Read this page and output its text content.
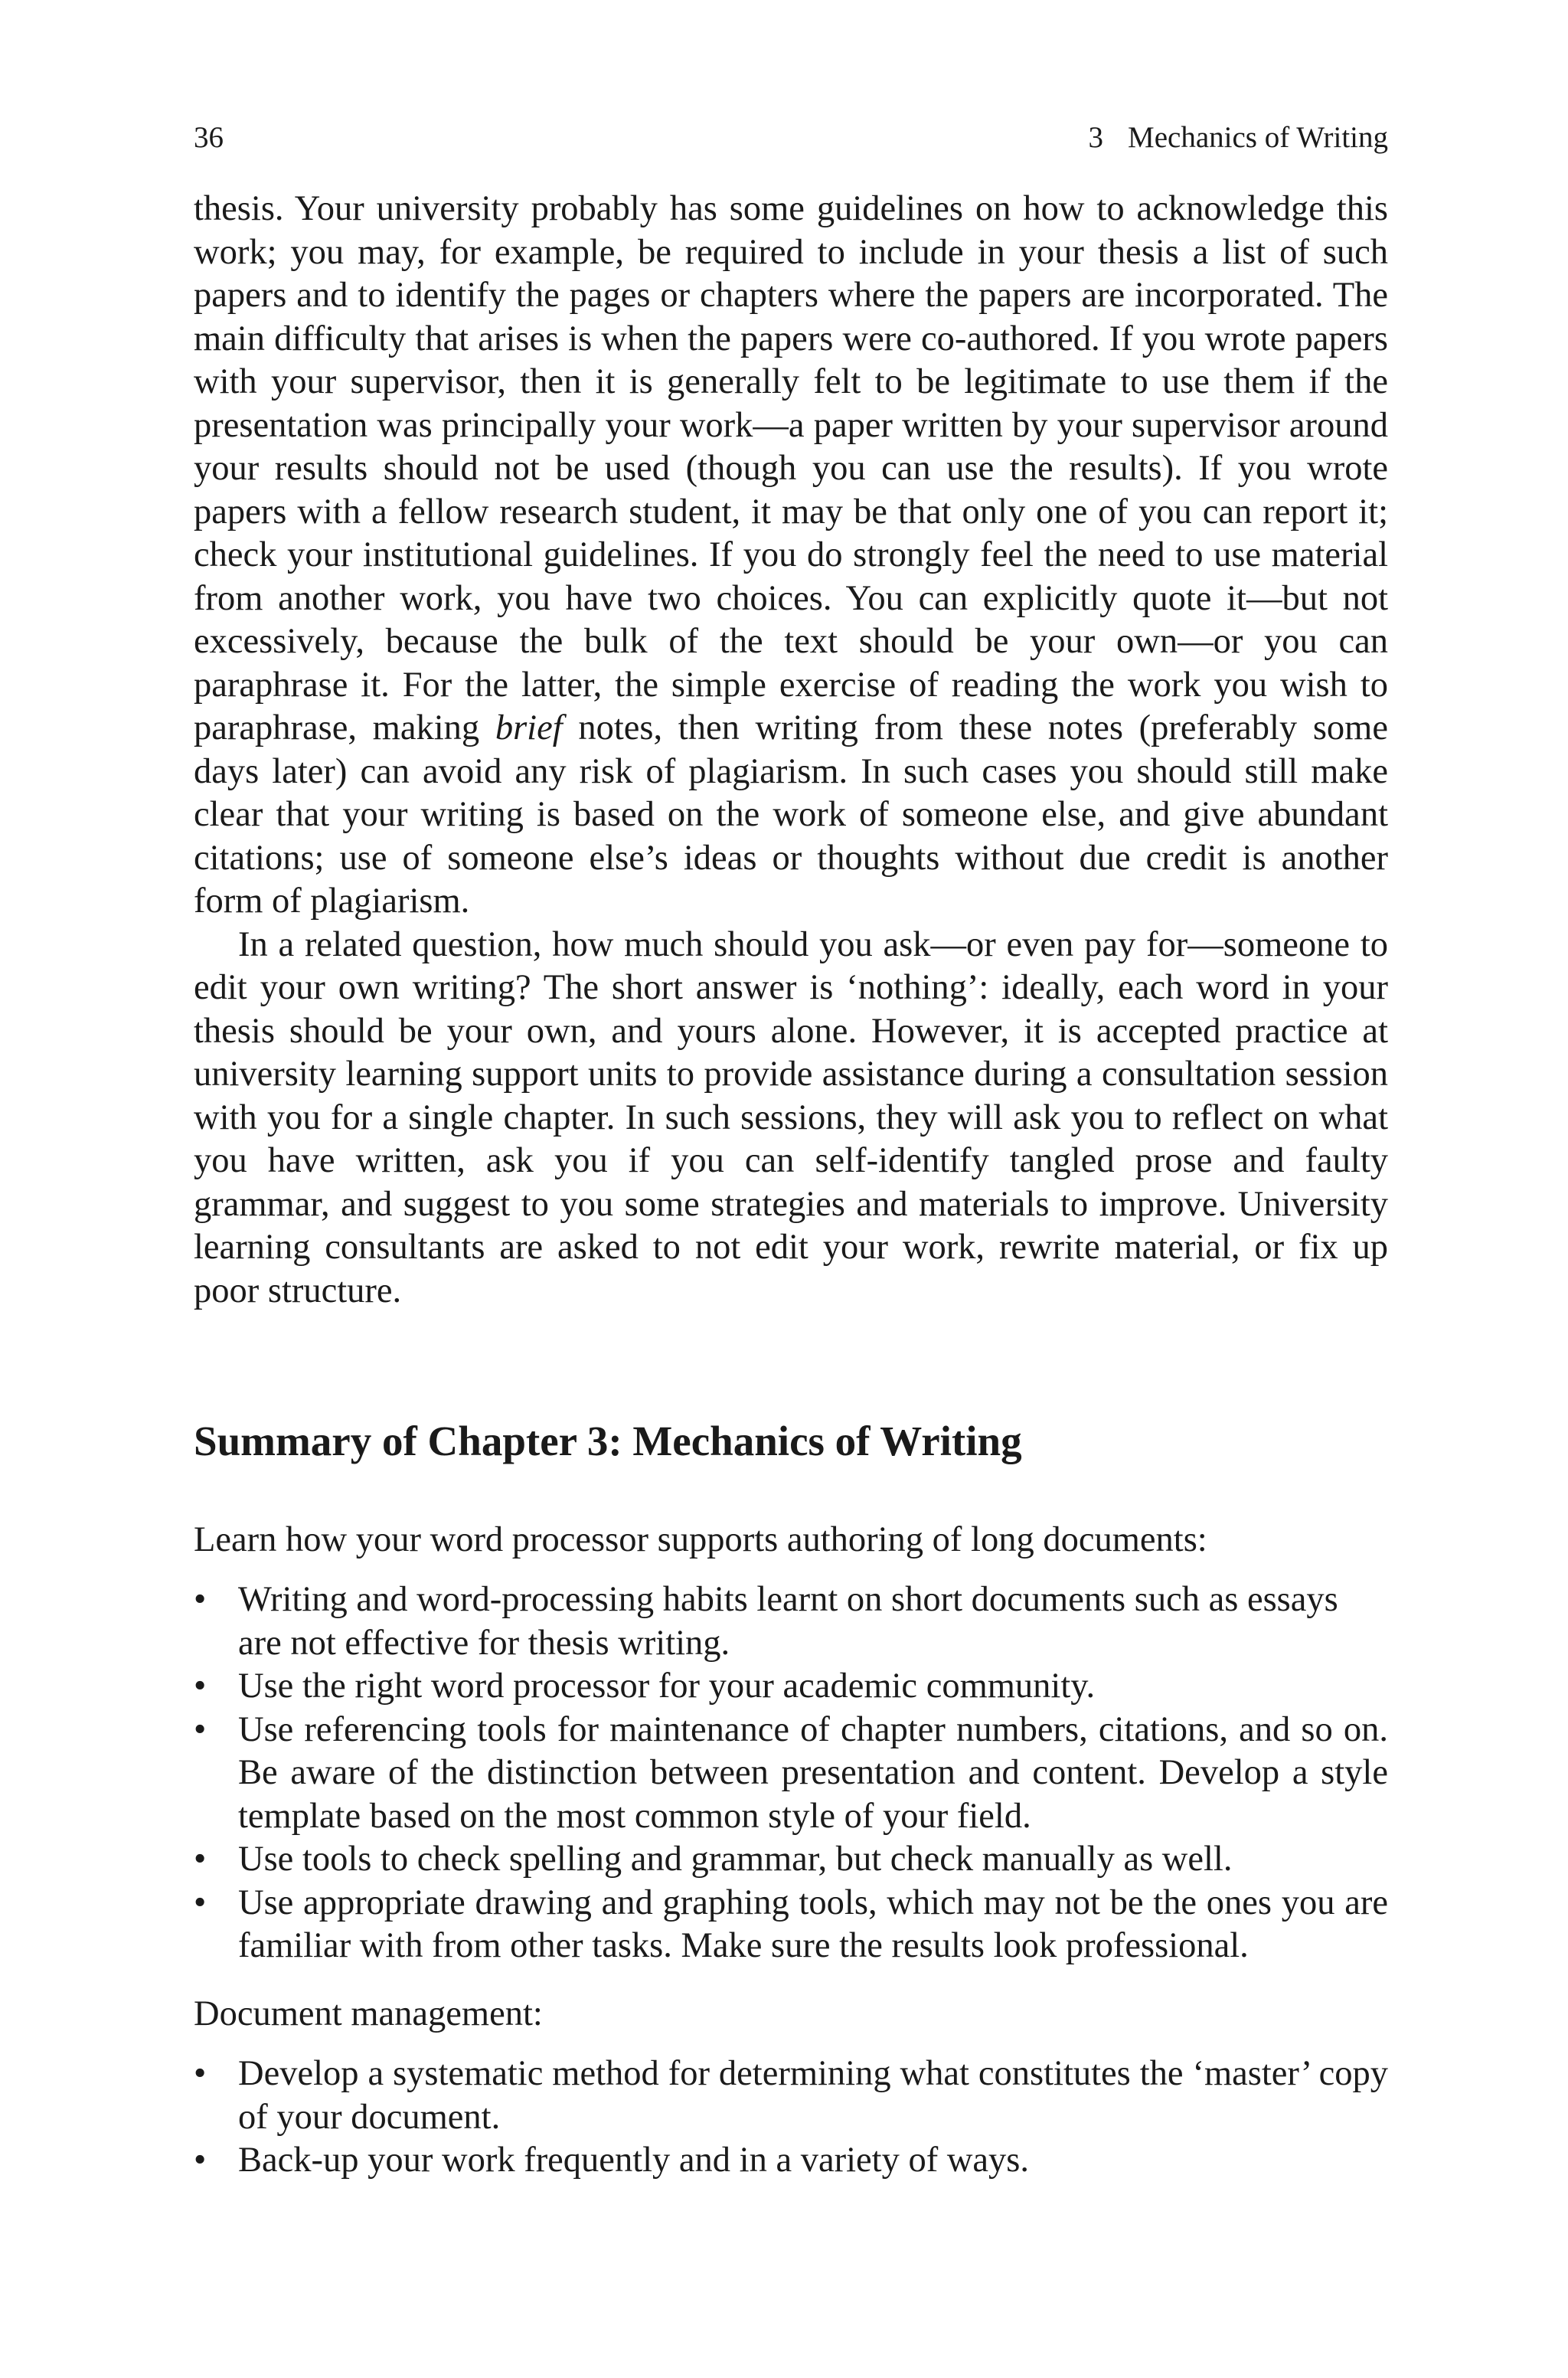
36	3 Mechanics of Writing

thesis. Your university probably has some guidelines on how to acknowledge this work; you may, for example, be required to include in your thesis a list of such papers and to identify the pages or chapters where the papers are incorporated. The main difficulty that arises is when the papers were co-authored. If you wrote papers with your supervisor, then it is generally felt to be legitimate to use them if the presentation was principally your work—a paper written by your supervisor around your results should not be used (though you can use the results). If you wrote papers with a fellow research student, it may be that only one of you can report it; check your institutional guidelines. If you do strongly feel the need to use material from another work, you have two choices. You can explicitly quote it—but not excessively, because the bulk of the text should be your own—or you can paraphrase it. For the latter, the simple exercise of reading the work you wish to paraphrase, making brief notes, then writing from these notes (preferably some days later) can avoid any risk of plagiarism. In such cases you should still make clear that your writing is based on the work of someone else, and give abundant citations; use of someone else’s ideas or thoughts without due credit is another form of plagiarism.

In a related question, how much should you ask—or even pay for—someone to edit your own writing? The short answer is ‘nothing’: ideally, each word in your thesis should be your own, and yours alone. However, it is accepted practice at university learning support units to provide assistance during a consultation session with you for a single chapter. In such sessions, they will ask you to reflect on what you have written, ask you if you can self-identify tangled prose and faulty grammar, and suggest to you some strategies and materials to improve. University learning consultants are asked to not edit your work, rewrite material, or fix up poor structure.

Summary of Chapter 3: Mechanics of Writing

Learn how your word processor supports authoring of long documents:

• Writing and word-processing habits learnt on short documents such as essays are not effective for thesis writing.
• Use the right word processor for your academic community.
• Use referencing tools for maintenance of chapter numbers, citations, and so on. Be aware of the distinction between presentation and content. Develop a style template based on the most common style of your field.
• Use tools to check spelling and grammar, but check manually as well.
• Use appropriate drawing and graphing tools, which may not be the ones you are familiar with from other tasks. Make sure the results look professional.

Document management:

• Develop a systematic method for determining what constitutes the ‘master’ copy of your document.
• Back-up your work frequently and in a variety of ways.
